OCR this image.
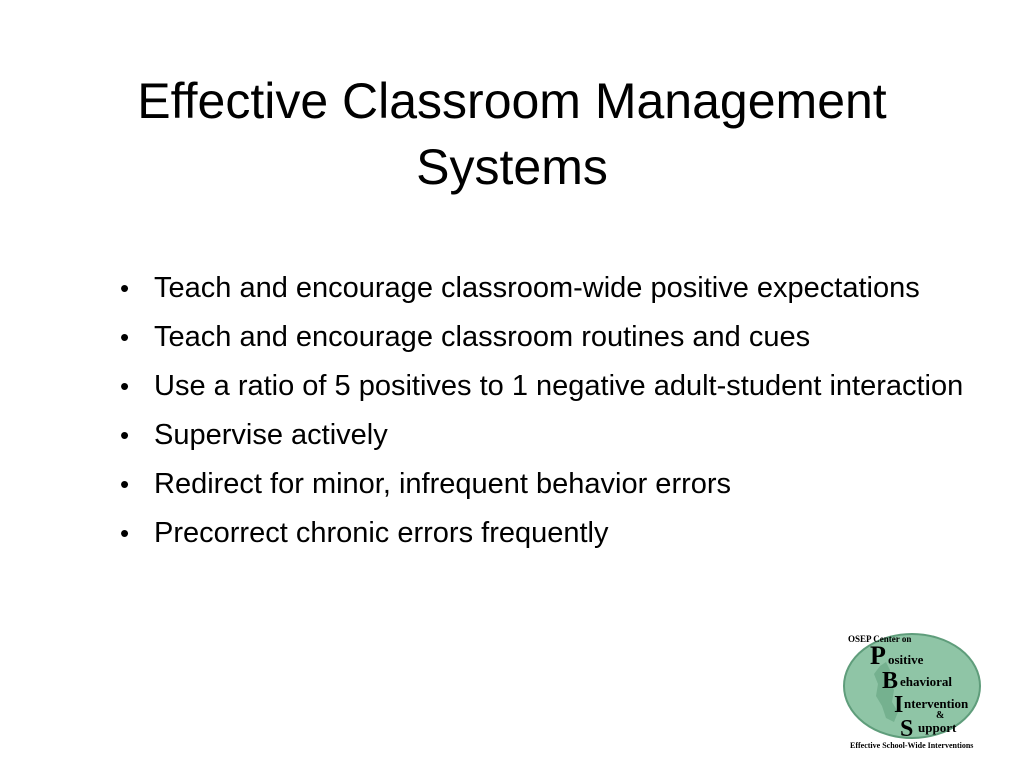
Effective Classroom Management
Systems
• Teach and encourage classroom-wide positive expectations
• Teach and encourage classroom routines and cues
• Use a ratio of 5 positives to 1 negative adult-student interaction
• Supervise actively
• Redirect for minor, infrequent behavior errors
• Precorrect chronic errors frequently
OSEP Center on
P ositive
B ehavioral
I ntervention
&
S upport
Effective School-Wide Interventions
